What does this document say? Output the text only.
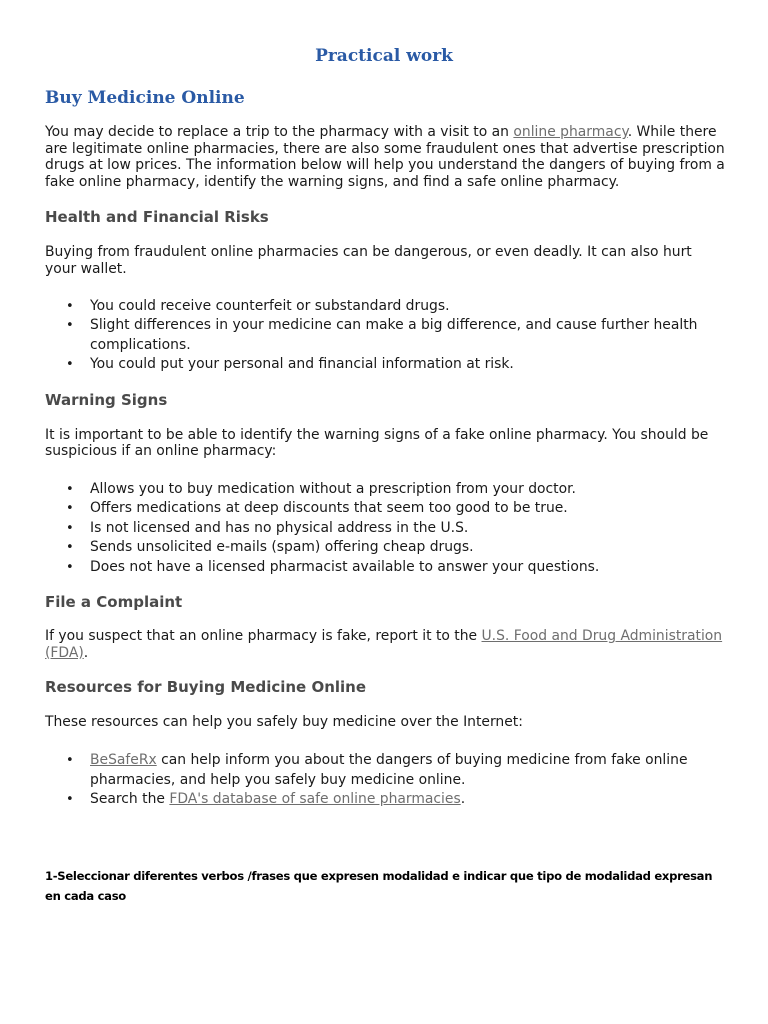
Practical work
Buy Medicine Online

You may decide to replace a trip to the pharmacy with a visit to an online pharmacy. While there are legitimate online pharmacies, there are also some fraudulent ones that advertise prescription drugs at low prices. The information below will help you understand the dangers of buying from a fake online pharmacy, identify the warning signs, and find a safe online pharmacy.

Health and Financial Risks

Buying from fraudulent online pharmacies can be dangerous, or even deadly. It can also hurt your wallet.

• You could receive counterfeit or substandard drugs.
• Slight differences in your medicine can make a big difference, and cause further health complications.
• You could put your personal and financial information at risk.
Warning Signs

It is important to be able to identify the warning signs of a fake online pharmacy. You should be suspicious if an online pharmacy:

• Allows you to buy medication without a prescription from your doctor.
• Offers medications at deep discounts that seem too good to be true.
• Is not licensed and has no physical address in the U.S.
• Sends unsolicited e-mails (spam) offering cheap drugs.
• Does not have a licensed pharmacist available to answer your questions.
File a Complaint

If you suspect that an online pharmacy is fake, report it to the U.S. Food and Drug Administration (FDA).

Resources for Buying Medicine Online

These resources can help you safely buy medicine over the Internet:

• BeSafeRx can help inform you about the dangers of buying medicine from fake online pharmacies, and help you safely buy medicine online.
• Search the FDA's database of safe online pharmacies.
1-Seleccionar diferentes verbos /frases que expresen modalidad e indicar que tipo de modalidad expresan en cada caso
